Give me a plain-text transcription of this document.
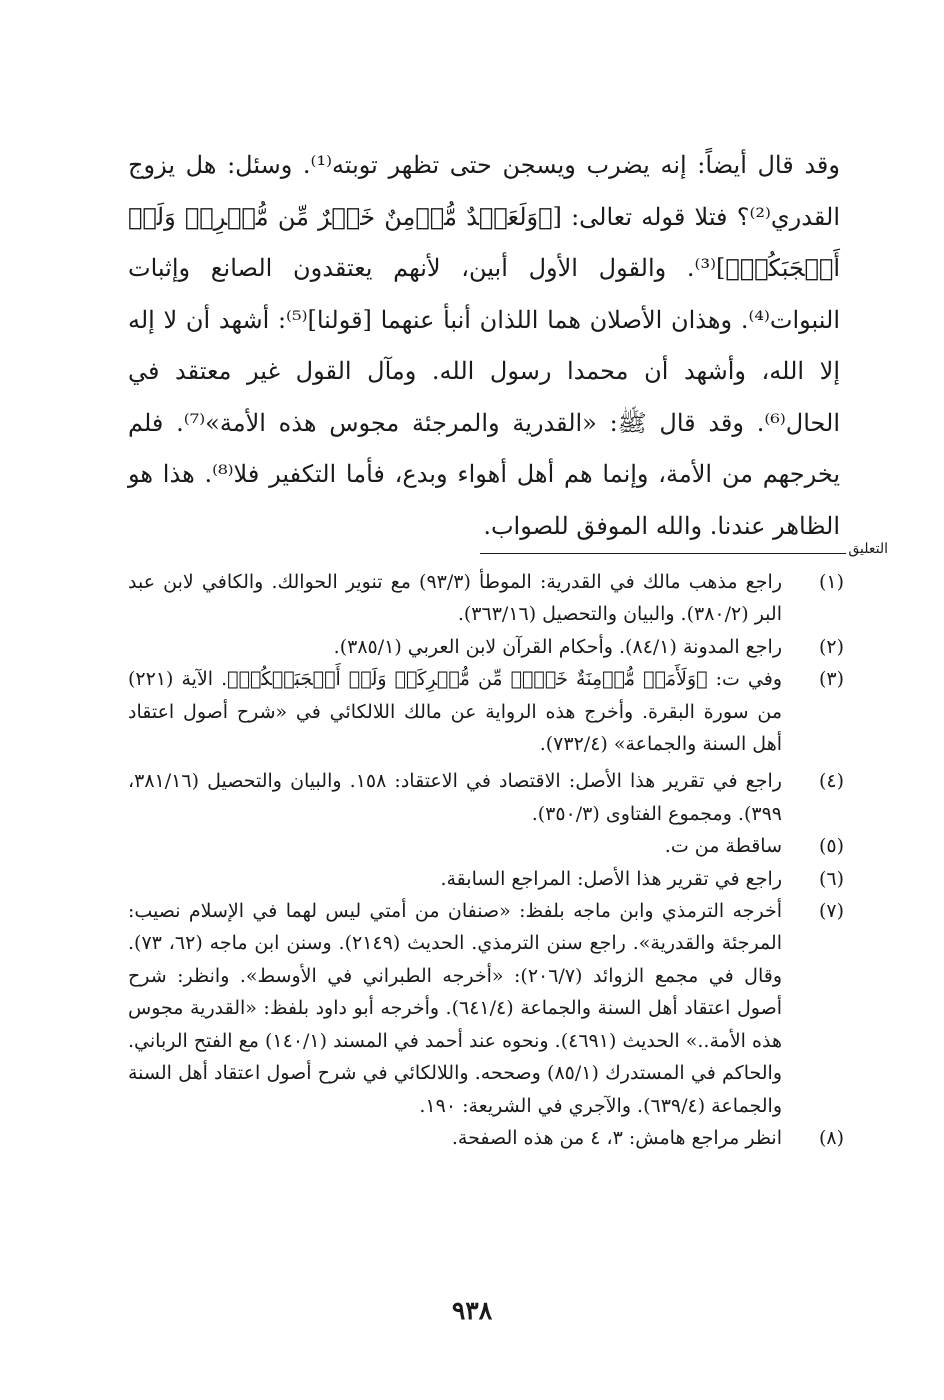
وقد قال أيضاً: إنه يضرب ويسجن حتى تظهر توبته⁽¹⁾. وسئل: هل يزوج القدري⁽²⁾؟ فتلا قوله تعالى: [﴿وَلَعَبۡدٌ مُّؤۡمِنٌ خَيۡرٌ مِّن مُّشۡرِكٖ وَلَوۡ أَعۡجَبَكُمۡ﴾]⁽³⁾. والقول الأول أبين، لأنهم يعتقدون الصانع وإثبات النبوات⁽⁴⁾. وهذان الأصلان هما اللذان أنبأ عنهما [قولنا]⁽⁵⁾: أشهد أن لا إله إلا الله، وأشهد أن محمدا رسول الله. ومآل القول غير معتقد في الحال⁽⁶⁾. وقد قال ﷺ: «القدرية والمرجئة مجوس هذه الأمة»⁽⁷⁾. فلم يخرجهم من الأمة، وإنما هم أهل أهواء وبدع، فأما التكفير فلا⁽⁸⁾. هذا هو الظاهر عندنا. والله الموفق للصواب.

التعليق
(١)
راجع مذهب مالك في القدرية: الموطأ (٩٣/٣) مع تنوير الحوالك. والكافي لابن عبد البر (٣٨٠/٢). والبيان والتحصيل (٣٦٣/١٦).
(٢)
راجع المدونة (٨٤/١). وأحكام القرآن لابن العربي (٣٨٥/١).
(٣)
وفي ت: ﴿وَلَأَمَةٞ مُّؤۡمِنَةٌ خَيۡرٞ مِّن مُّشۡرِكَةٖ وَلَوۡ أَعۡجَبَتۡكُمۡ﴾. الآية (٢٢١) من سورة البقرة. وأخرج هذه الرواية عن مالك اللالكائي في «شرح أصول اعتقاد أهل السنة والجماعة» (٧٣٢/٤).
(٤)
راجع في تقرير هذا الأصل: الاقتصاد في الاعتقاد: ١٥٨. والبيان والتحصيل (٣٨١/١٦، ٣٩٩). ومجموع الفتاوى (٣٥٠/٣).
(٥)
ساقطة من ت.
(٦)
راجع في تقرير هذا الأصل: المراجع السابقة.
(٧)
أخرجه الترمذي وابن ماجه بلفظ: «صنفان من أمتي ليس لهما في الإسلام نصيب: المرجئة والقدرية». راجع سنن الترمذي. الحديث (٢١٤٩). وسنن ابن ماجه (٦٢، ٧٣). وقال في مجمع الزوائد (٢٠٦/٧): «أخرجه الطبراني في الأوسط». وانظر: شرح أصول اعتقاد أهل السنة والجماعة (٦٤١/٤). وأخرجه أبو داود بلفظ: «القدرية مجوس هذه الأمة..» الحديث (٤٦٩١). ونحوه عند أحمد في المسند (١٤٠/١) مع الفتح الرباني. والحاكم في المستدرك (٨٥/١) وصححه. واللالكائي في شرح أصول اعتقاد أهل السنة والجماعة (٦٣٩/٤). والآجري في الشريعة: ١٩٠.
(٨)
انظر مراجع هامش: ٣، ٤ من هذه الصفحة.
٩٣٨
